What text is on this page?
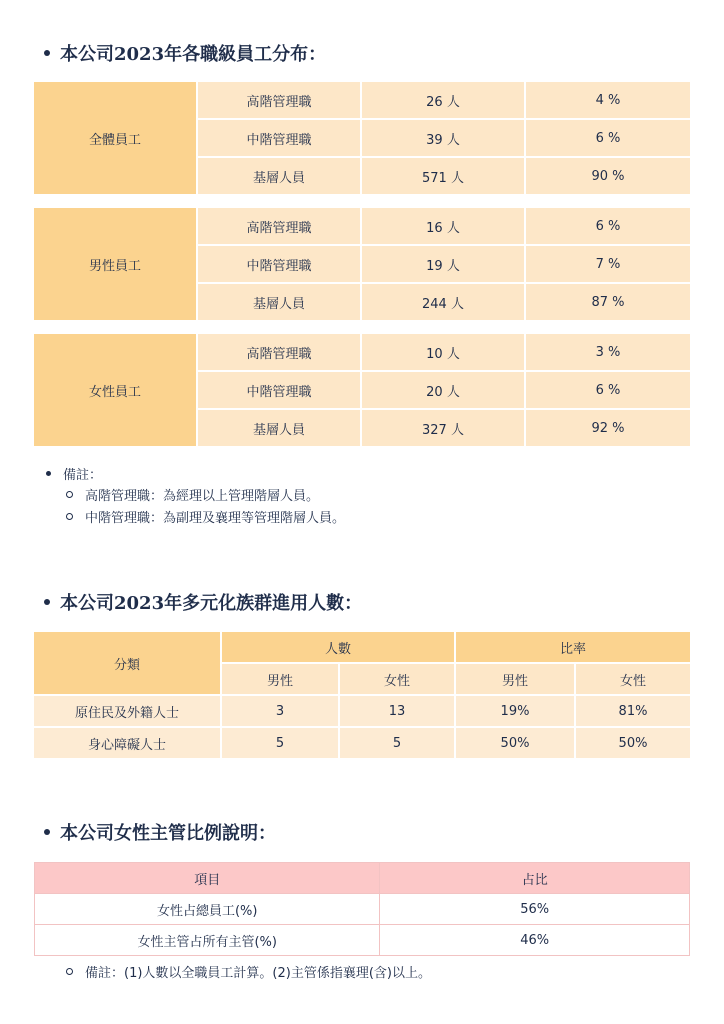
本公司2023年各職級員工分布：
全體員工
高階管理職	26 人	4 %
中階管理職	39 人	6 %
基層人員	571 人	90 %
男性員工
高階管理職	16 人	6 %
中階管理職	19 人	7 %
基層人員	244 人	87 %
女性員工
高階管理職	10 人	3 %
中階管理職	20 人	6 %
基層人員	327 人	92 %
備註：
高階管理職：為經理以上管理階層人員。
中階管理職：為副理及襄理等管理階層人員。
本公司2023年多元化族群進用人數：
分類
人數	比率
男性	女性	男性	女性
原住民及外籍人士	3	13	19%	81%
身心障礙人士	5	5	50%	50%
本公司女性主管比例說明：
項目	占比
女性占總員工(%)	56%
女性主管占所有主管(%)	46%
備註：(1)人數以全職員工計算。(2)主管係指襄理(含)以上。
